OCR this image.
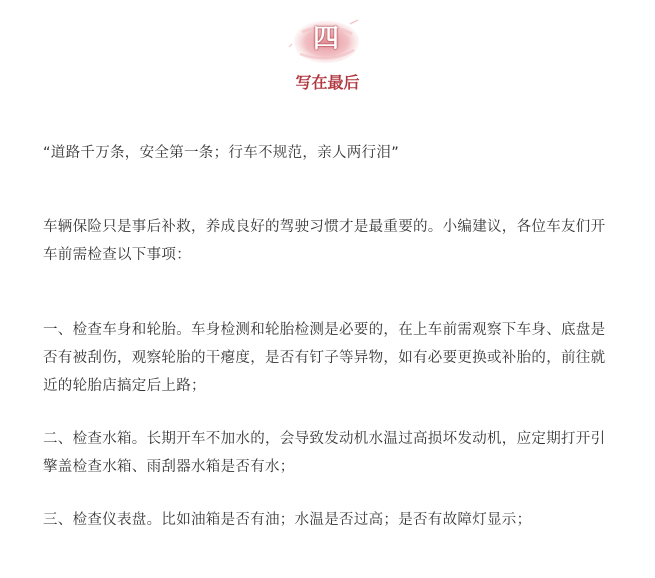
四
写在最后

“道路千万条，安全第一条；行车不规范，亲人两行泪”

车辆保险只是事后补救，养成良好的驾驶习惯才是最重要的。小编建议，各位车友们开车前需检查以下事项：

一、检查车身和轮胎。车身检测和轮胎检测是必要的，在上车前需观察下车身、底盘是否有被刮伤，观察轮胎的干瘪度，是否有钉子等异物，如有必要更换或补胎的，前往就近的轮胎店搞定后上路；

二、检查水箱。长期开车不加水的，会导致发动机水温过高损坏发动机，应定期打开引擎盖检查水箱、雨刮器水箱是否有水；

三、检查仪表盘。比如油箱是否有油；水温是否过高；是否有故障灯显示；
